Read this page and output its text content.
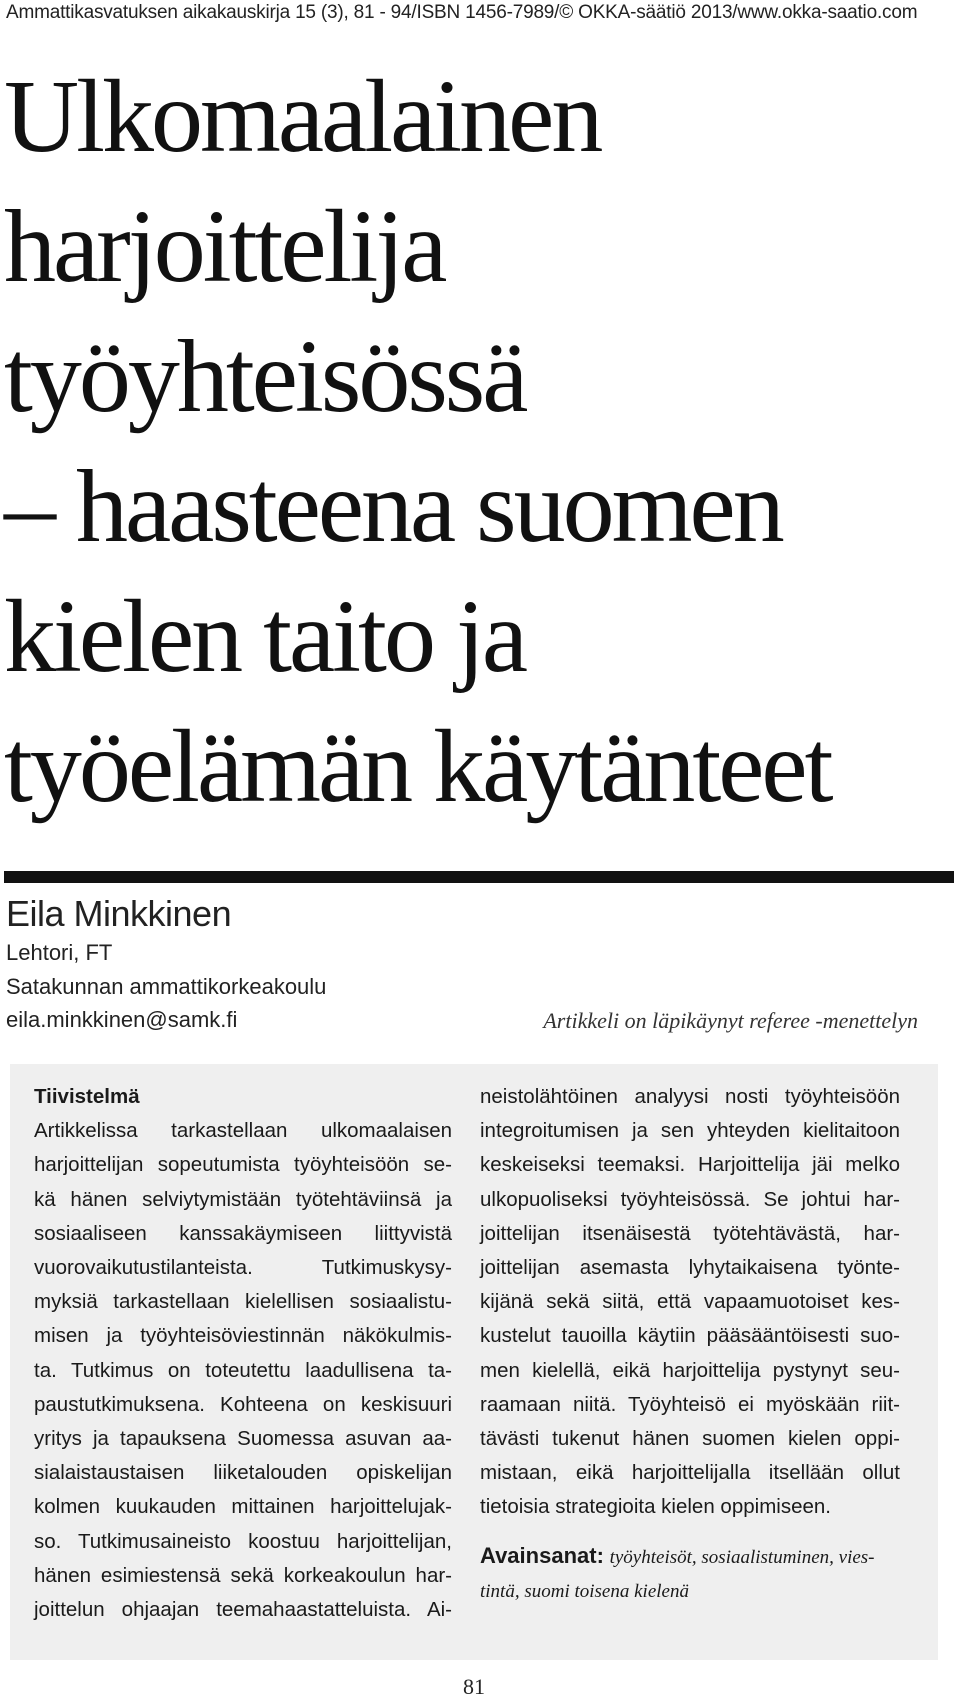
Ammattikasvatuksen aikakauskirja 15 (3), 81 - 94/ISBN 1456-7989/© OKKA-säätiö 2013/www.okka-saatio.com
Ulkomaalainen
harjoittelija
työyhteisössä
– haasteena suomen
kielen taito ja
työelämän käytänteet
Eila Minkkinen
Lehtori, FT
Satakunnan ammattikorkeakoulu
eila.minkkinen@samk.fi	Artikkeli on läpikäynyt referee -menettelyn
Tiivistelmä
Artikkelissa tarkastellaan ulkomaalaisen
harjoittelijan sopeutumista työyhteisöön se-
kä hänen selviytymistään työtehtäviinsä ja
sosiaaliseen kanssakäymiseen liittyvistä
vuorovaikutustilanteista. Tutkimuskysy-
myksiä tarkastellaan kielellisen sosiaalistu-
misen ja työyhteisöviestinnän näkökulmis-
ta. Tutkimus on toteutettu laadullisena ta-
paustutkimuksena. Kohteena on keskisuuri
yritys ja tapauksena Suomessa asuvan aa-
sialaistaustaisen liiketalouden opiskelijan
kolmen kuukauden mittainen harjoittelujak-
so. Tutkimusaineisto koostuu harjoittelijan,
hänen esimiestensä sekä korkeakoulun har-
joittelun ohjaajan teemahaastatteluista. Ai-
neistolähtöinen analyysi nosti työyhteisöön
integroitumisen ja sen yhteyden kielitaitoon
keskeiseksi teemaksi. Harjoittelija jäi melko
ulkopuoliseksi työyhteisössä. Se johtui har-
joittelijan itsenäisestä työtehtävästä, har-
joittelijan asemasta lyhytaikaisena työnte-
kijänä sekä siitä, että vapaamuotoiset kes-
kustelut tauoilla käytiin pääsääntöisesti suo-
men kielellä, eikä harjoittelija pystynyt seu-
raamaan niitä. Työyhteisö ei myöskään riit-
tävästi tukenut hänen suomen kielen oppi-
mistaan, eikä harjoittelijalla itsellään ollut
tietoisia strategioita kielen oppimiseen.
Avainsanat: työyhteisöt, sosiaalistuminen, vies-
tintä, suomi toisena kielenä
81
